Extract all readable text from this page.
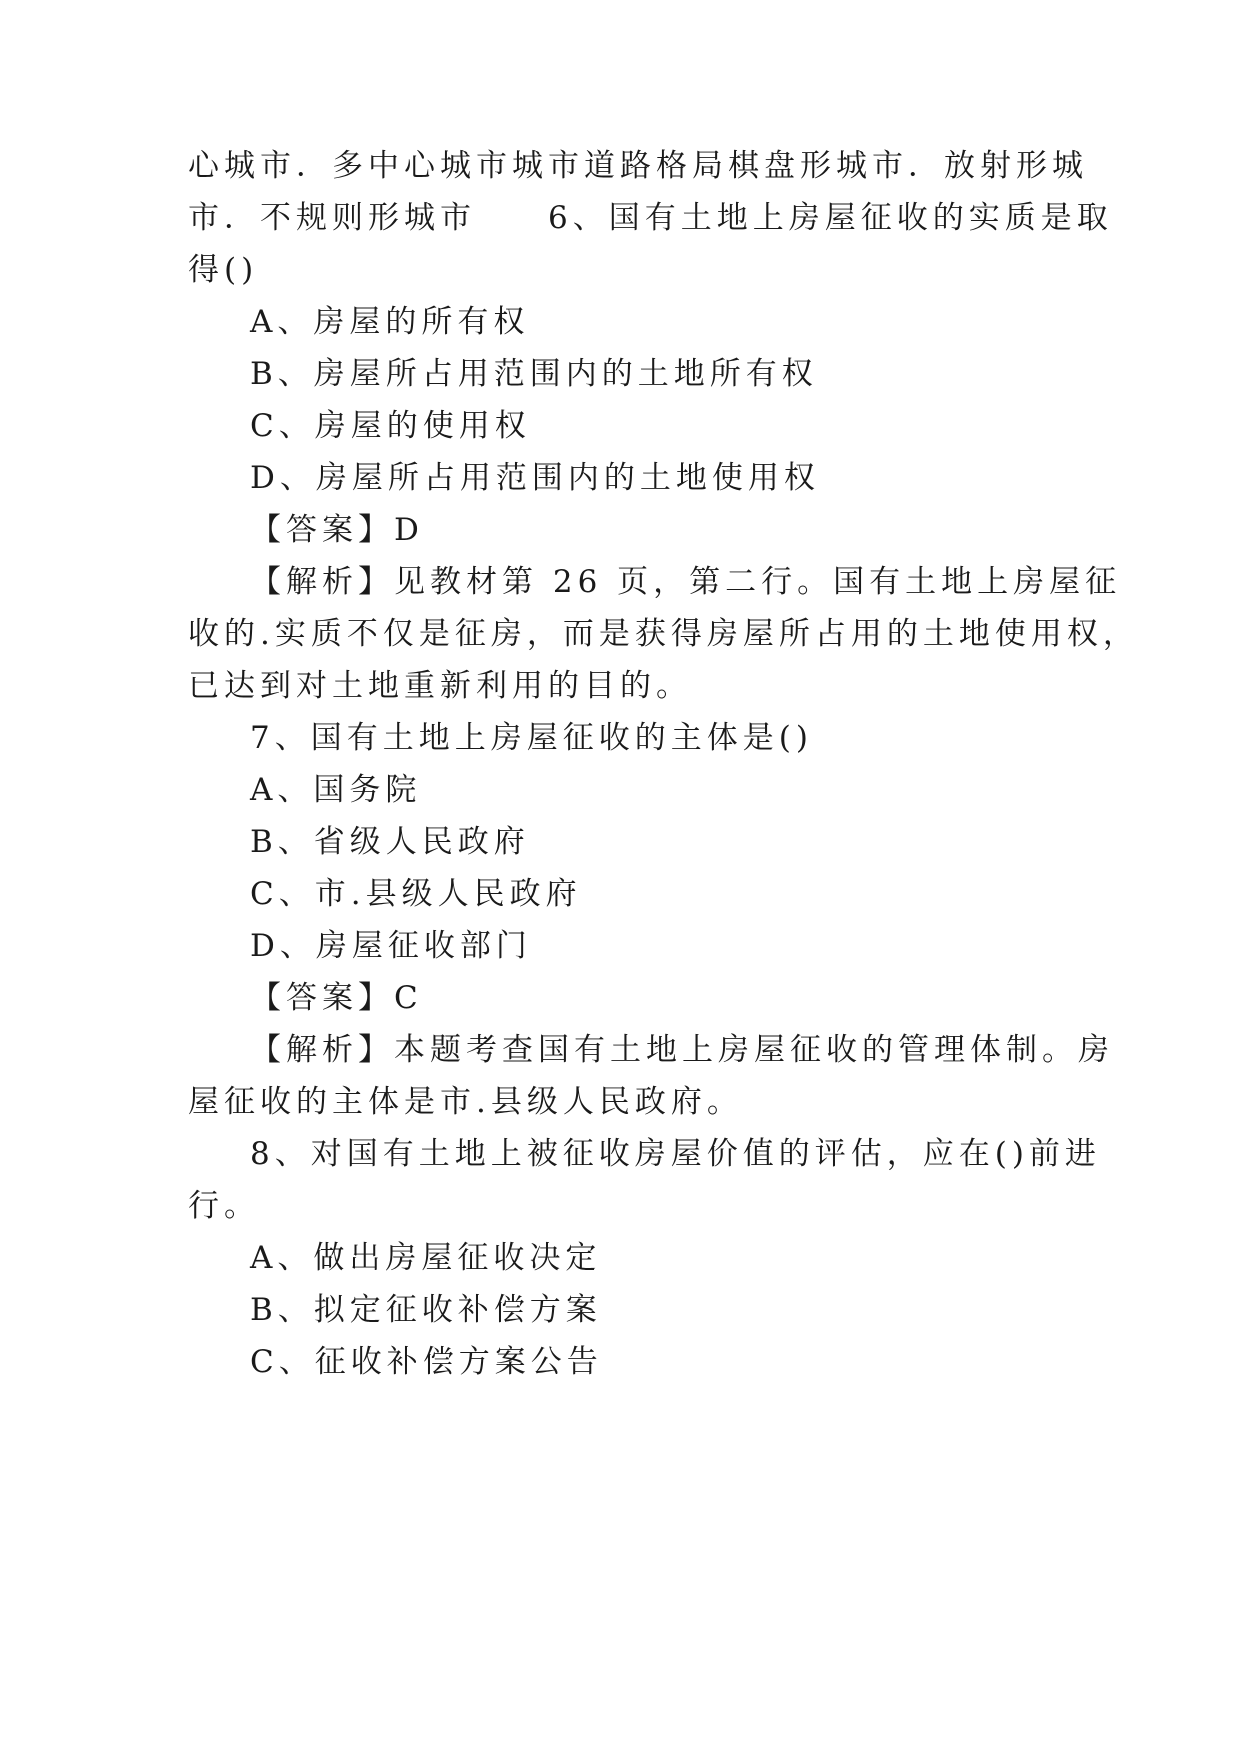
心城市．多中心城市城市道路格局棋盘形城市．放射形城
市．不规则形城市　　6、国有土地上房屋征收的实质是取
得()
A、房屋的所有权
B、房屋所占用范围内的土地所有权
C、房屋的使用权
D、房屋所占用范围内的土地使用权
【答案】D
【解析】见教材第 26 页，第二行。国有土地上房屋征
收的.实质不仅是征房，而是获得房屋所占用的土地使用权，
已达到对土地重新利用的目的。
7、国有土地上房屋征收的主体是()
A、国务院
B、省级人民政府
C、市.县级人民政府
D、房屋征收部门
【答案】C
【解析】本题考查国有土地上房屋征收的管理体制。房
屋征收的主体是市.县级人民政府。
8、对国有土地上被征收房屋价值的评估，应在()前进
行。
A、做出房屋征收决定
B、拟定征收补偿方案
C、征收补偿方案公告
